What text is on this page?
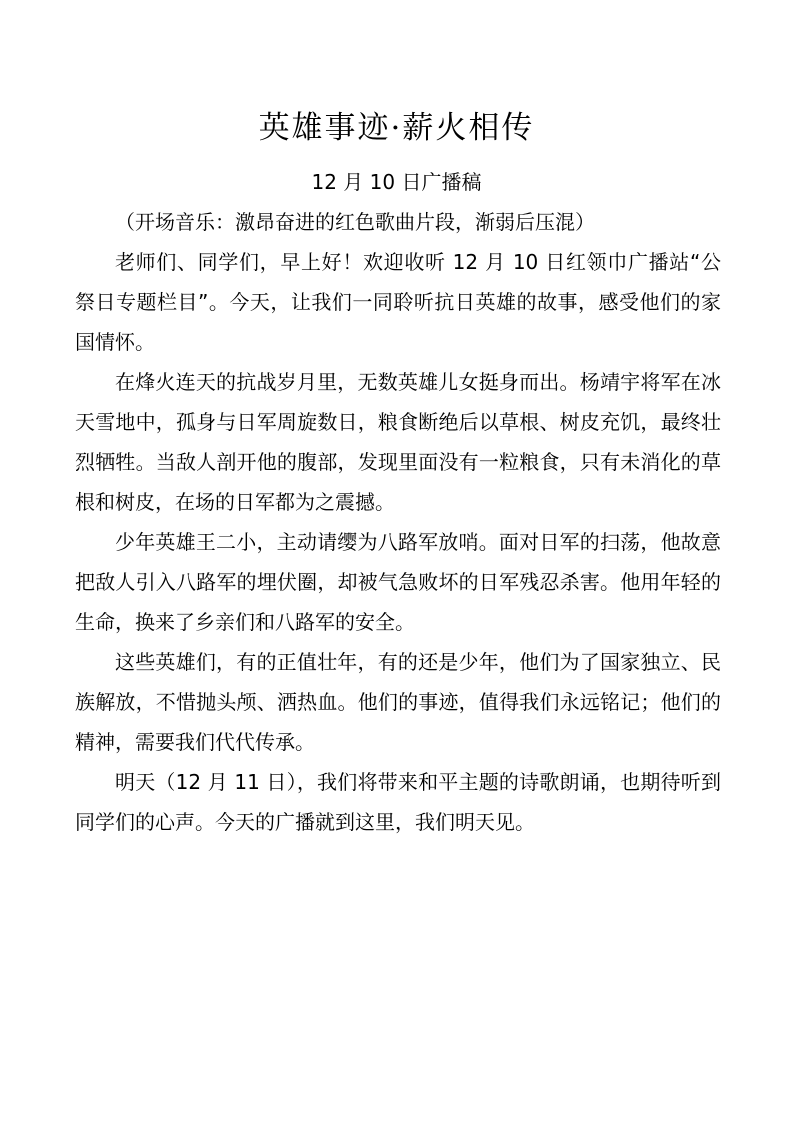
英雄事迹·薪火相传
12 月 10 日广播稿

（开场音乐：激昂奋进的红色歌曲片段，渐弱后压混）

老师们、同学们，早上好！欢迎收听 12 月 10 日红领巾广播站“公祭日专题栏目”。今天，让我们一同聆听抗日英雄的故事，感受他们的家国情怀。

在烽火连天的抗战岁月里，无数英雄儿女挺身而出。杨靖宇将军在冰天雪地中，孤身与日军周旋数日，粮食断绝后以草根、树皮充饥，最终壮烈牺牲。当敌人剖开他的腹部，发现里面没有一粒粮食，只有未消化的草根和树皮，在场的日军都为之震撼。

少年英雄王二小，主动请缨为八路军放哨。面对日军的扫荡，他故意把敌人引入八路军的埋伏圈，却被气急败坏的日军残忍杀害。他用年轻的生命，换来了乡亲们和八路军的安全。

这些英雄们，有的正值壮年，有的还是少年，他们为了国家独立、民族解放，不惜抛头颅、洒热血。他们的事迹，值得我们永远铭记；他们的精神，需要我们代代传承。

明天（12 月 11 日），我们将带来和平主题的诗歌朗诵，也期待听到同学们的心声。今天的广播就到这里，我们明天见。
